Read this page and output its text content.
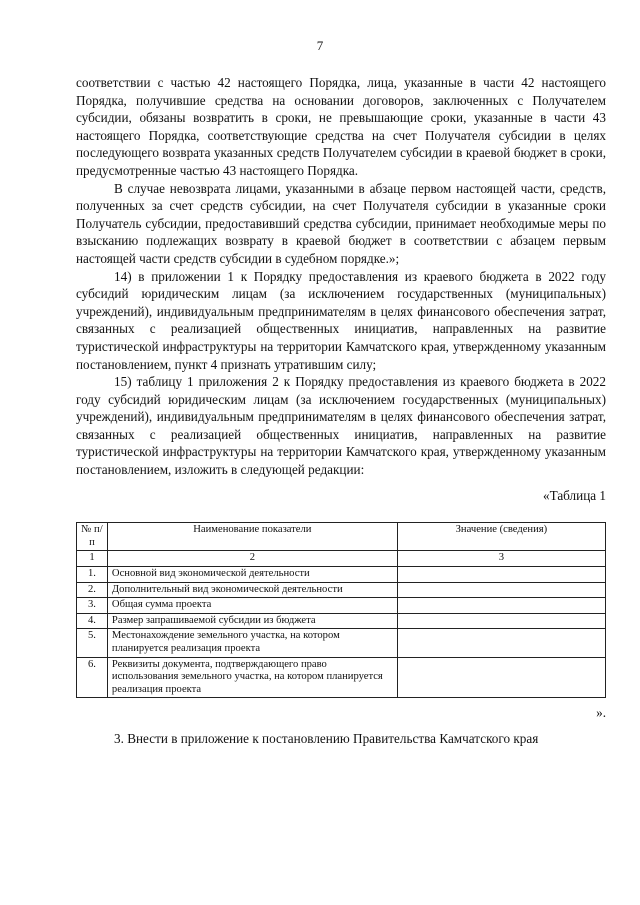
7

соответствии с частью 42 настоящего Порядка, лица, указанные в части 42 настоящего Порядка, получившие средства на основании договоров, заключенных с Получателем субсидии, обязаны возвратить в сроки, не превышающие сроки, указанные в части 43 настоящего Порядка, соответствующие средства на счет Получателя субсидии в целях последующего возврата указанных средств Получателем субсидии в краевой бюджет в сроки, предусмотренные частью 43 настоящего Порядка.

В случае невозврата лицами, указанными в абзаце первом настоящей части, средств, полученных за счет средств субсидии, на счет Получателя субсидии в указанные сроки Получатель субсидии, предоставивший средства субсидии, принимает необходимые меры по взысканию подлежащих возврату в краевой бюджет в соответствии с абзацем первым настоящей части средств субсидии в судебном порядке.»;

14) в приложении 1 к Порядку предоставления из краевого бюджета в 2022 году субсидий юридическим лицам (за исключением государственных (муниципальных) учреждений), индивидуальным предпринимателям в целях финансового обеспечения затрат, связанных с реализацией общественных инициатив, направленных на развитие туристической инфраструктуры на территории Камчатского края, утвержденному указанным постановлением, пункт 4 признать утратившим силу;

15) таблицу 1 приложения 2 к Порядку предоставления из краевого бюджета в 2022 году субсидий юридическим лицам (за исключением государственных (муниципальных) учреждений), индивидуальным предпринимателям в целях финансового обеспечения затрат, связанных с реализацией общественных инициатив, направленных на развитие туристической инфраструктуры на территории Камчатского края, утвержденному указанным постановлением, изложить в следующей редакции:

«Таблица 1

№ п/п	Наименование показатели	Значение (сведения)
1	2	3
1.	Основной вид экономической деятельности	
2.	Дополнительный вид экономической деятельности	
3.	Общая сумма проекта	
4.	Размер запрашиваемой субсидии из бюджета	
5.	Местонахождение земельного участка, на котором планируется реализация проекта	
6.	Реквизиты документа, подтверждающего право использования земельного участка, на котором планируется реализация проекта	

».

3. Внести в приложение к постановлению Правительства Камчатского края
